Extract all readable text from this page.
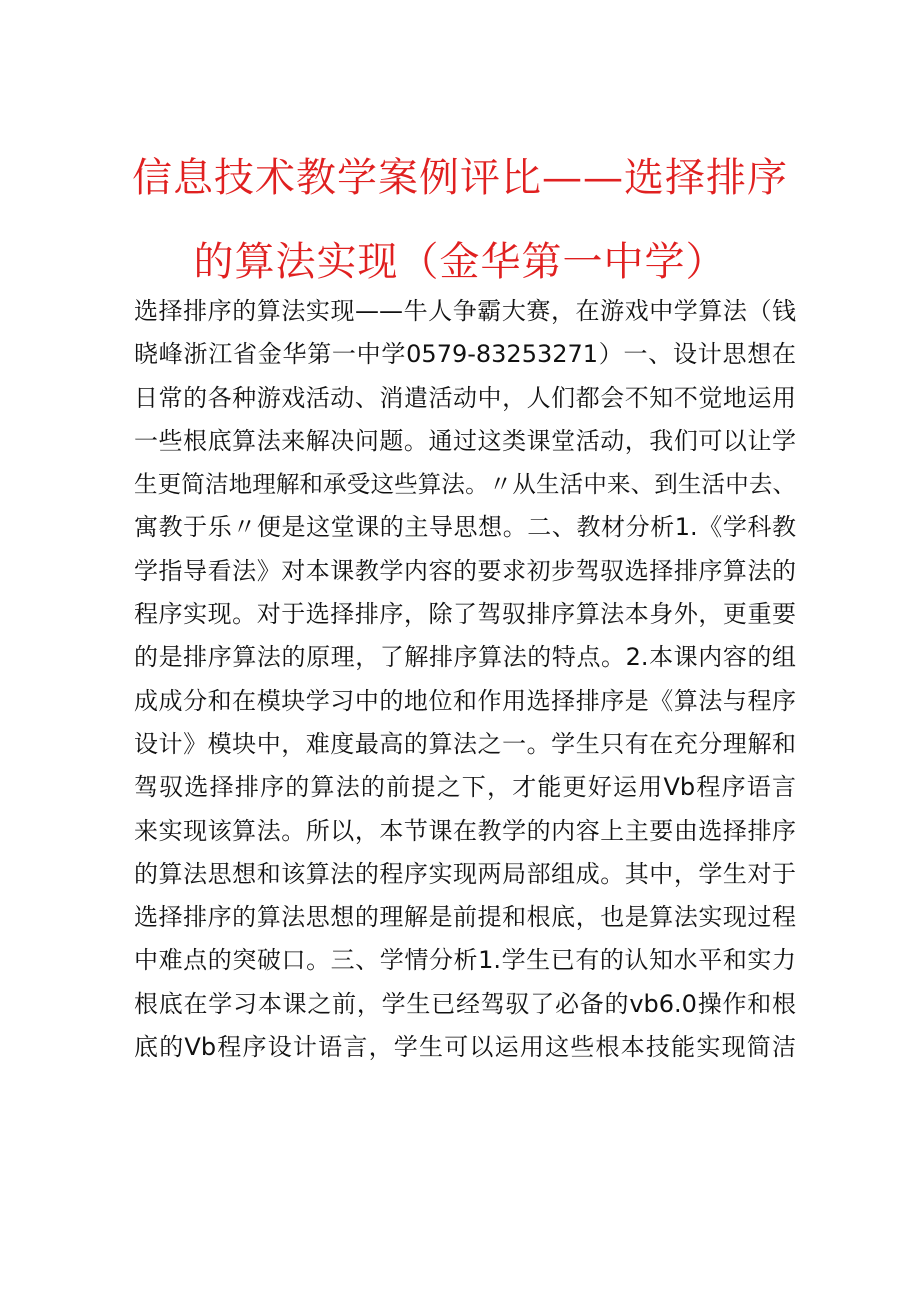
信息技术教学案例评比——选择排序
的算法实现（金华第一中学）
选择排序的算法实现——牛人争霸大赛，在游戏中学算法（钱
晓峰浙江省金华第一中学0579-83253271）一、设计思想在
日常的各种游戏活动、消遣活动中，人们都会不知不觉地运用
一些根底算法来解决问题。通过这类课堂活动，我们可以让学
生更简洁地理解和承受这些算法。〃从生活中来、到生活中去、
寓教于乐〃便是这堂课的主导思想。二、教材分析1.《学科教
学指导看法》对本课教学内容的要求初步驾驭选择排序算法的
程序实现。对于选择排序，除了驾驭排序算法本身外，更重要
的是排序算法的原理，了解排序算法的特点。2.本课内容的组
成成分和在模块学习中的地位和作用选择排序是《算法与程序
设计》模块中，难度最高的算法之一。学生只有在充分理解和
驾驭选择排序的算法的前提之下，才能更好运用Vb程序语言
来实现该算法。所以，本节课在教学的内容上主要由选择排序
的算法思想和该算法的程序实现两局部组成。其中，学生对于
选择排序的算法思想的理解是前提和根底，也是算法实现过程
中难点的突破口。三、学情分析1.学生已有的认知水平和实力
根底在学习本课之前，学生已经驾驭了必备的vb6.0操作和根
底的Vb程序设计语言，学生可以运用这些根本技能实现简洁
